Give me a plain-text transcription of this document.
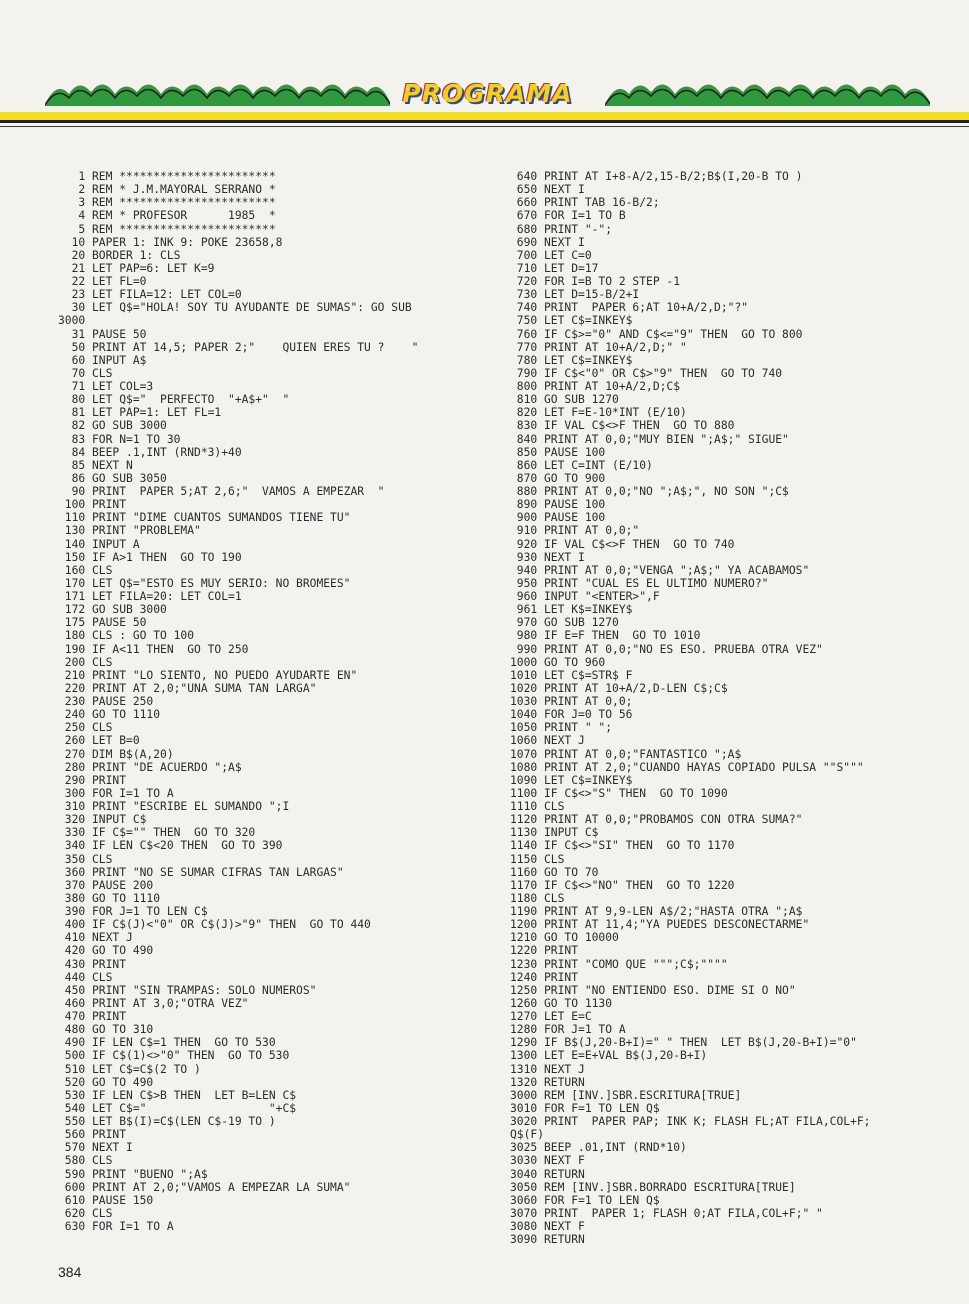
PROGRAMA
1 REM ***********************
2 REM * J.M.MAYORAL SERRANO *
3 REM ***********************
4 REM * PROFESOR      1985  *
5 REM ***********************
10 PAPER 1: INK 9: POKE 23658,8
20 BORDER 1: CLS
21 LET PAP=6: LET K=9
22 LET FL=0
23 LET FILA=12: LET COL=0
30 LET Q$="HOLA! SOY TU AYUDANTE DE SUMAS": GO SUB
3000
31 PAUSE 50
50 PRINT AT 14,5; PAPER 2;"    QUIEN ERES TU ?    "
60 INPUT A$
70 CLS
71 LET COL=3
80 LET Q$="  PERFECTO  "+A$+"  "
81 LET PAP=1: LET FL=1
82 GO SUB 3000
83 FOR N=1 TO 30
84 BEEP .1,INT (RND*3)+40
85 NEXT N
86 GO SUB 3050
90 PRINT  PAPER 5;AT 2,6;"  VAMOS A EMPEZAR  "
100 PRINT
110 PRINT "DIME CUANTOS SUMANDOS TIENE TU"
130 PRINT "PROBLEMA"
140 INPUT A
150 IF A>1 THEN  GO TO 190
160 CLS
170 LET Q$="ESTO ES MUY SERIO: NO BROMEES"
171 LET FILA=20: LET COL=1
172 GO SUB 3000
175 PAUSE 50
180 CLS : GO TO 100
190 IF A<11 THEN  GO TO 250
200 CLS
210 PRINT "LO SIENTO, NO PUEDO AYUDARTE EN"
220 PRINT AT 2,0;"UNA SUMA TAN LARGA"
230 PAUSE 250
240 GO TO 1110
250 CLS
260 LET B=0
270 DIM B$(A,20)
280 PRINT "DE ACUERDO ";A$
290 PRINT
300 FOR I=1 TO A
310 PRINT "ESCRIBE EL SUMANDO ";I
320 INPUT C$
330 IF C$="" THEN  GO TO 320
340 IF LEN C$<20 THEN  GO TO 390
350 CLS
360 PRINT "NO SE SUMAR CIFRAS TAN LARGAS"
370 PAUSE 200
380 GO TO 1110
390 FOR J=1 TO LEN C$
400 IF C$(J)<"0" OR C$(J)>"9" THEN  GO TO 440
410 NEXT J
420 GO TO 490
430 PRINT
440 CLS
450 PRINT "SIN TRAMPAS: SOLO NUMEROS"
460 PRINT AT 3,0;"OTRA VEZ"
470 PRINT
480 GO TO 310
490 IF LEN C$=1 THEN  GO TO 530
500 IF C$(1)<>"0" THEN  GO TO 530
510 LET C$=C$(2 TO )
520 GO TO 490
530 IF LEN C$>B THEN  LET B=LEN C$
540 LET C$="                  "+C$
550 LET B$(I)=C$(LEN C$-19 TO )
560 PRINT
570 NEXT I
580 CLS
590 PRINT "BUENO ";A$
600 PRINT AT 2,0;"VAMOS A EMPEZAR LA SUMA"
610 PAUSE 150
620 CLS
630 FOR I=1 TO A
640 PRINT AT I+8-A/2,15-B/2;B$(I,20-B TO )
650 NEXT I
660 PRINT TAB 16-B/2;
670 FOR I=1 TO B
680 PRINT "-";
690 NEXT I
700 LET C=0
710 LET D=17
720 FOR I=B TO 2 STEP -1
730 LET D=15-B/2+I
740 PRINT  PAPER 6;AT 10+A/2,D;"?"
750 LET C$=INKEY$
760 IF C$>="0" AND C$<="9" THEN  GO TO 800
770 PRINT AT 10+A/2,D;" "
780 LET C$=INKEY$
790 IF C$<"0" OR C$>"9" THEN  GO TO 740
800 PRINT AT 10+A/2,D;C$
810 GO SUB 1270
820 LET F=E-10*INT (E/10)
830 IF VAL C$<>F THEN  GO TO 880
840 PRINT AT 0,0;"MUY BIEN ";A$;" SIGUE"
850 PAUSE 100
860 LET C=INT (E/10)
870 GO TO 900
880 PRINT AT 0,0;"NO ";A$;", NO SON ";C$
890 PAUSE 100
900 PAUSE 100
910 PRINT AT 0,0;"
920 IF VAL C$<>F THEN  GO TO 740
930 NEXT I
940 PRINT AT 0,0;"VENGA ";A$;" YA ACABAMOS"
950 PRINT "CUAL ES EL ULTIMO NUMERO?"
960 INPUT "<ENTER>",F
961 LET K$=INKEY$
970 GO SUB 1270
980 IF E=F THEN  GO TO 1010
990 PRINT AT 0,0;"NO ES ESO. PRUEBA OTRA VEZ"
1000 GO TO 960
1010 LET C$=STR$ F
1020 PRINT AT 10+A/2,D-LEN C$;C$
1030 PRINT AT 0,0;
1040 FOR J=0 TO 56
1050 PRINT " ";
1060 NEXT J
1070 PRINT AT 0,0;"FANTASTICO ";A$
1080 PRINT AT 2,0;"CUANDO HAYAS COPIADO PULSA ""S"""
1090 LET C$=INKEY$
1100 IF C$<>"S" THEN  GO TO 1090
1110 CLS
1120 PRINT AT 0,0;"PROBAMOS CON OTRA SUMA?"
1130 INPUT C$
1140 IF C$<>"SI" THEN  GO TO 1170
1150 CLS
1160 GO TO 70
1170 IF C$<>"NO" THEN  GO TO 1220
1180 CLS
1190 PRINT AT 9,9-LEN A$/2;"HASTA OTRA ";A$
1200 PRINT AT 11,4;"YA PUEDES DESCONECTARME"
1210 GO TO 10000
1220 PRINT
1230 PRINT "COMO QUE """;C$;""""
1240 PRINT
1250 PRINT "NO ENTIENDO ESO. DIME SI O NO"
1260 GO TO 1130
1270 LET E=C
1280 FOR J=1 TO A
1290 IF B$(J,20-B+I)=" " THEN  LET B$(J,20-B+I)="0"
1300 LET E=E+VAL B$(J,20-B+I)
1310 NEXT J
1320 RETURN
3000 REM [INV.]SBR.ESCRITURA[TRUE]
3010 FOR F=1 TO LEN Q$
3020 PRINT  PAPER PAP; INK K; FLASH FL;AT FILA,COL+F;
Q$(F)
3025 BEEP .01,INT (RND*10)
3030 NEXT F
3040 RETURN
3050 REM [INV.]SBR.BORRADO ESCRITURA[TRUE]
3060 FOR F=1 TO LEN Q$
3070 PRINT  PAPER 1; FLASH 0;AT FILA,COL+F;" "
3080 NEXT F
3090 RETURN
384
